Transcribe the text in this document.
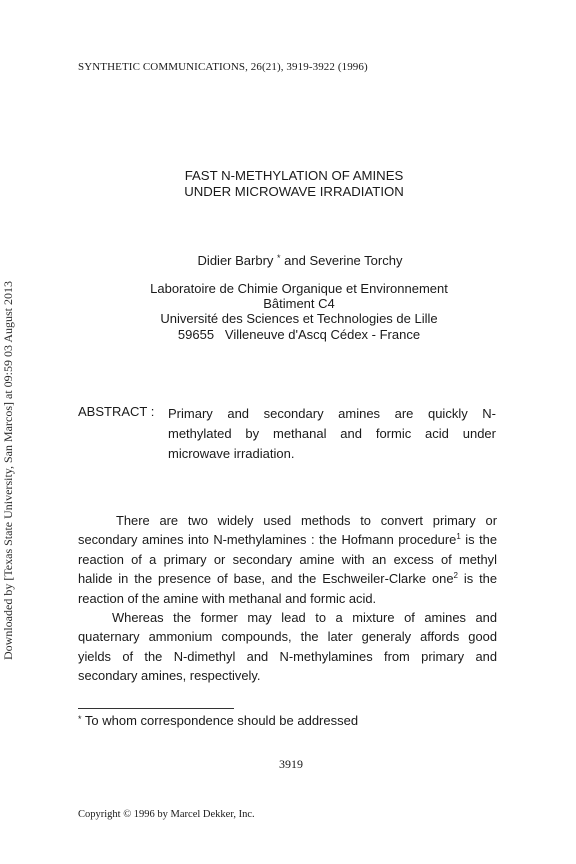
SYNTHETIC COMMUNICATIONS, 26(21), 3919-3922 (1996)
Downloaded by [Texas State University, San Marcos] at 09:59 03 August 2013
FAST N-METHYLATION OF AMINES
UNDER MICROWAVE IRRADIATION
Didier Barbry * and Severine Torchy
Laboratoire de Chimie Organique et Environnement
Bâtiment C4
Université des Sciences et Technologies de Lille
59655   Villeneuve d'Ascq Cédex - France
ABSTRACT : Primary and secondary amines are quickly N-
methylated by methanal and formic acid under
microwave irradiation.
There are two widely used methods to convert primary or
secondary amines into N-methylamines : the Hofmann procedure$^1$ is the
reaction of a primary or secondary amine with an excess of methyl
halide in the presence of base, and the Eschweiler-Clarke one$^2$ is the
reaction of the amine with methanal and formic acid.
Whereas the former may lead to a mixture of amines and
quaternary ammonium compounds, the later generaly affords good
yields of the N-dimethyl and N-methylamines from primary and
secondary amines, respectively.
* To whom correspondence should be addressed
3919
Copyright © 1996 by Marcel Dekker, Inc.
